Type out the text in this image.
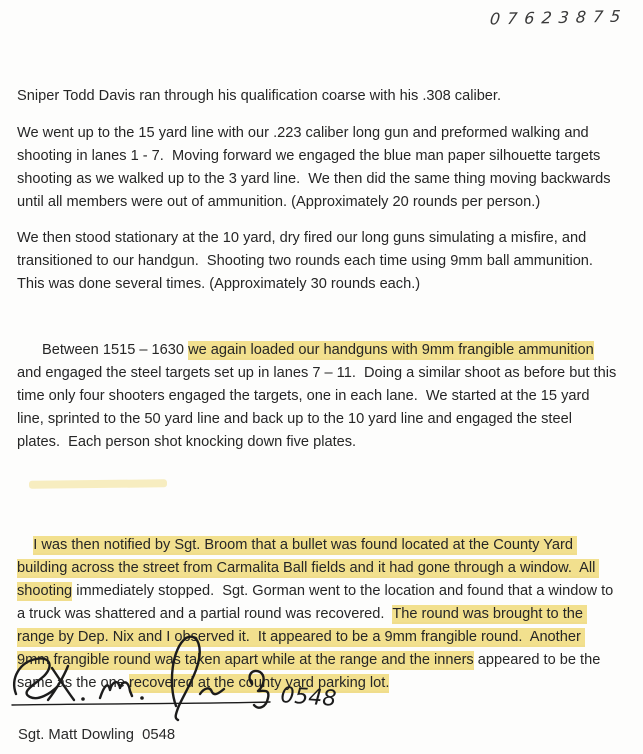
07623875

Sniper Todd Davis ran through his qualification coarse with his .308 caliber.

We went up to the 15 yard line with our .223 caliber long gun and preformed walking and shooting in lanes 1 - 7.  Moving forward we engaged the blue man paper silhouette targets shooting as we walked up to the 3 yard line.  We then did the same thing moving backwards until all members were out of ammunition. (Approximately 20 rounds per person.)

We then stood stationary at the 10 yard, dry fired our long guns simulating a misfire, and transitioned to our handgun.  Shooting two rounds each time using 9mm ball ammunition.  This was done several times. (Approximately 30 rounds each.)

Between 1515 – 1630 we again loaded our handguns with 9mm frangible ammunition and engaged the steel targets set up in lanes 7 – 11.  Doing a similar shoot as before but this time only four shooters engaged the targets, one in each lane.  We started at the 15 yard line, sprinted to the 50 yard line and back up to the 10 yard line and engaged the steel plates.  Each person shot knocking down five plates.

I was then notified by Sgt. Broom that a bullet was found located at the County Yard building across the street from Carmalita Ball fields and it had gone through a window.  All shooting immediately stopped.  Sgt. Gorman went to the location and found that a window to a truck was shattered and a partial round was recovered.  The round was brought to the range by Dep. Nix and I observed it.  It appeared to be a 9mm frangible round.  Another 9mm frangible round was taken apart while at the range and the inners appeared to be the same as the one recovered at the county yard parking lot.

0548
Sgt. Matt Dowling  0548
